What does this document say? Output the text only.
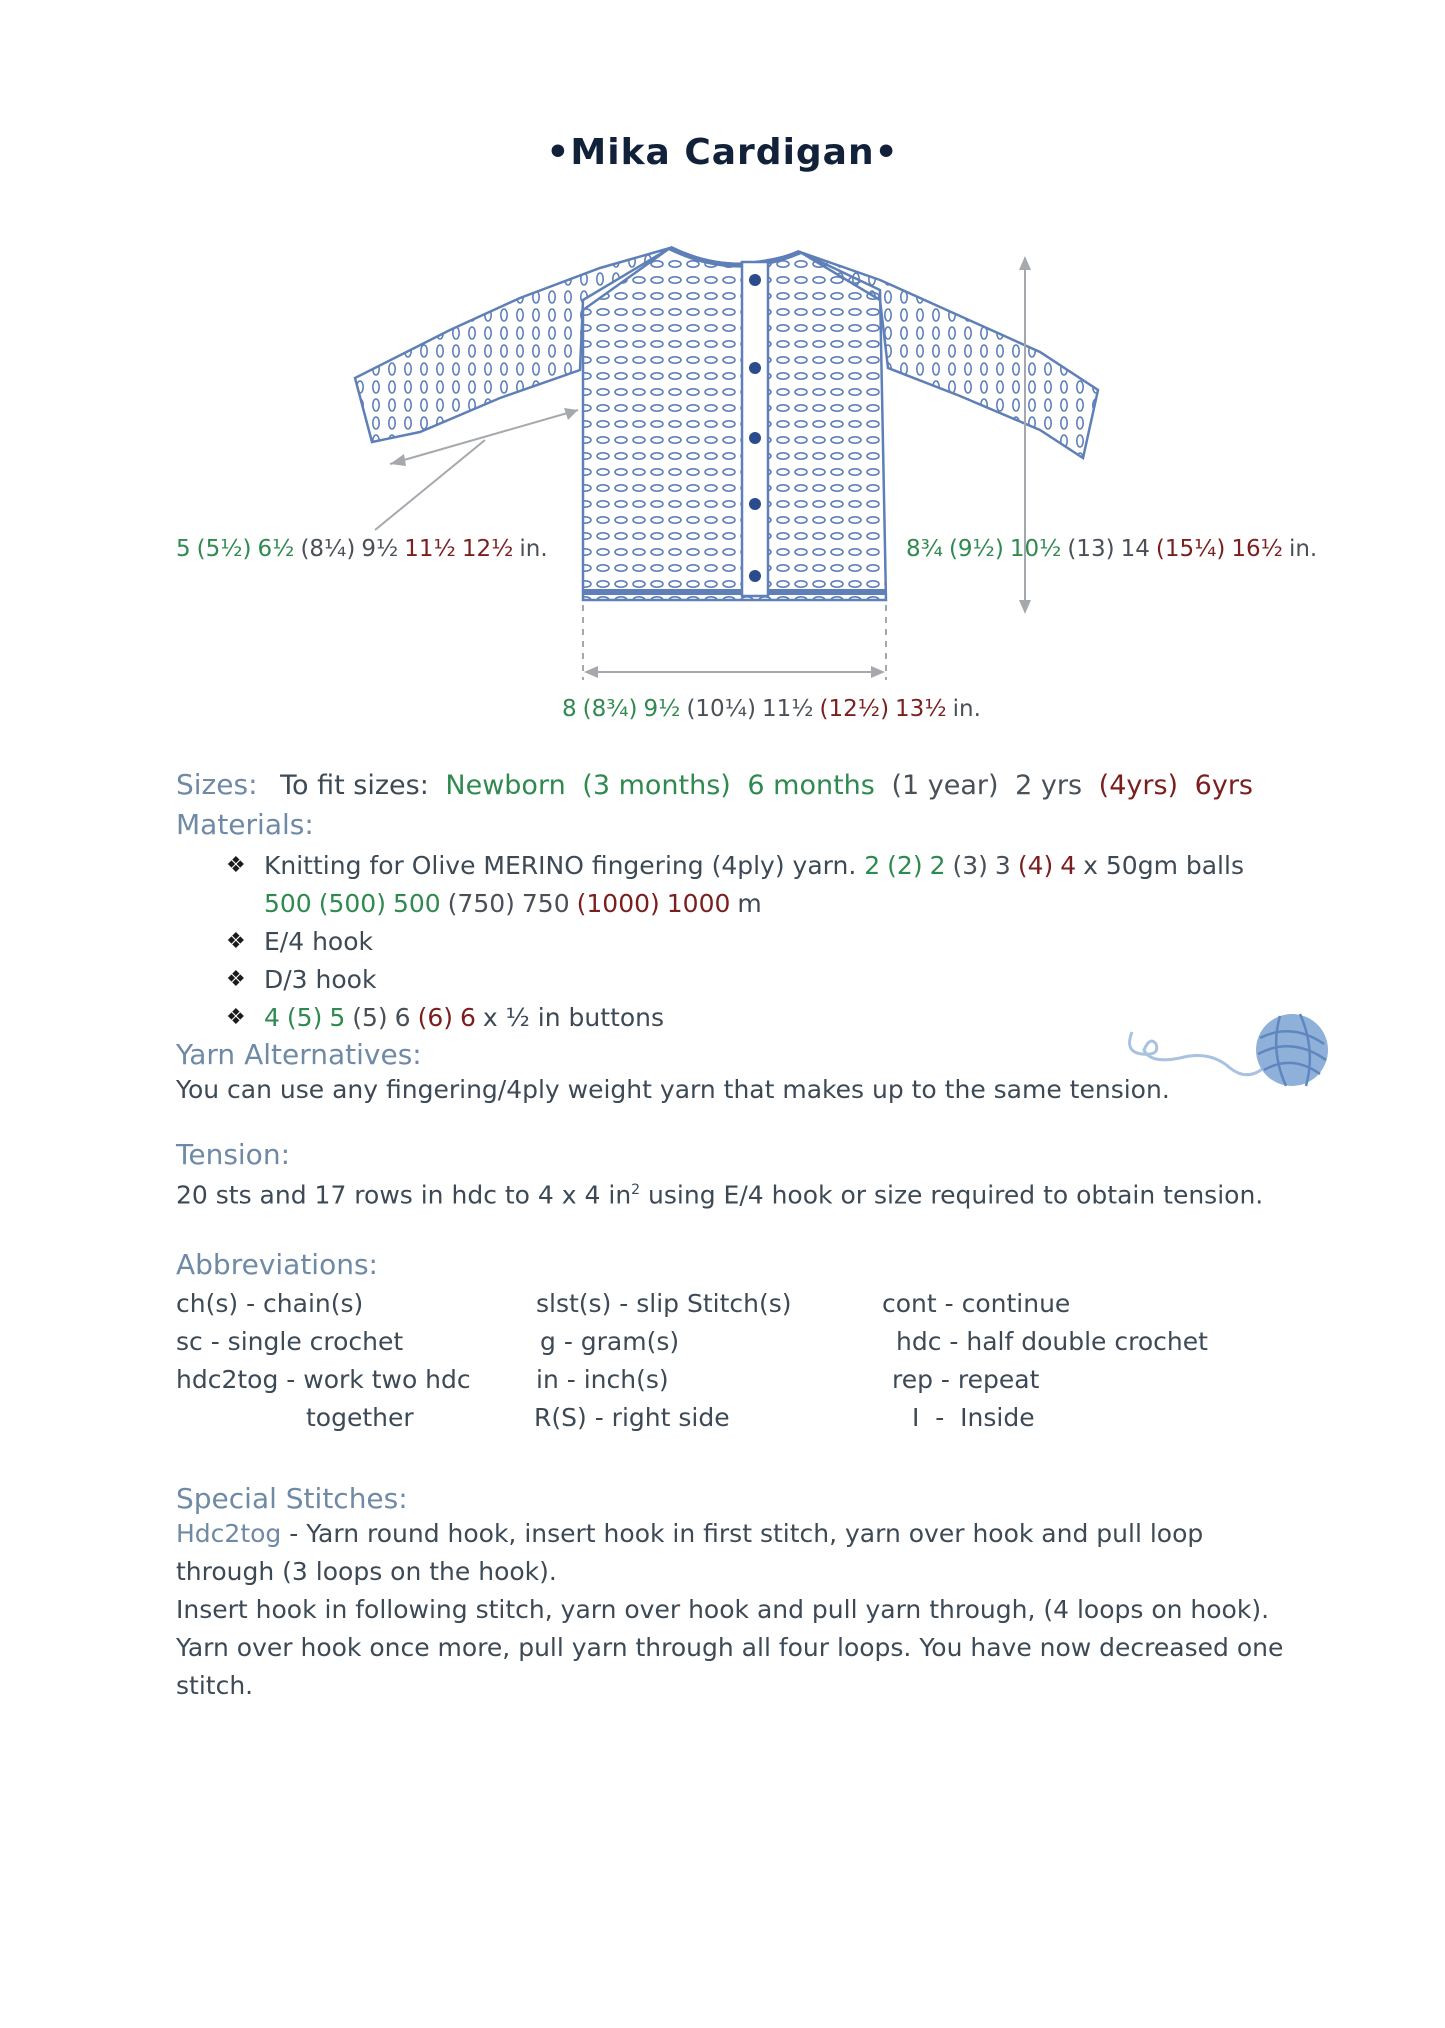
•Mika Cardigan•
5 (5½) 6½ (8¼) 9½ 11½ 12½ in.	8¾ (9½) 10½ (13) 14 (15¼) 16½ in.
8 (8¾) 9½ (10¼) 11½ (12½) 13½ in.
Sizes: To fit sizes: Newborn (3 months) 6 months (1 year) 2 yrs (4yrs) 6yrs

Materials:

❖ Knitting for Olive MERINO fingering (4ply) yarn. 2 (2) 2 (3) 3 (4) 4 x 50gm balls
500 (500) 500 (750) 750 (1000) 1000 m
❖ E/4 hook
❖ D/3 hook
❖ 4 (5) 5 (5) 6 (6) 6 x ½ in buttons

Yarn Alternatives:

You can use any fingering/4ply weight yarn that makes up to the same tension.

Tension:

20 sts and 17 rows in hdc to 4 x 4 $in^2$ using E/4 hook or size required to obtain tension.

Abbreviations:

ch(s) - chain(s)
sc - single crochet
hdc2tog - work two hdc
together
slst(s) - slip Stitch(s)
g - gram(s)
in - inch(s)
R(S) - right side
cont - continue
hdc - half double crochet
rep - repeat
I  -  Inside

Special Stitches:

Hdc2tog - Yarn round hook, insert hook in first stitch, yarn over hook and pull loop through (3 loops on the hook).

Insert hook in following stitch, yarn over hook and pull yarn through, (4 loops on hook). Yarn over hook once more, pull yarn through all four loops. You have now decreased one stitch.
